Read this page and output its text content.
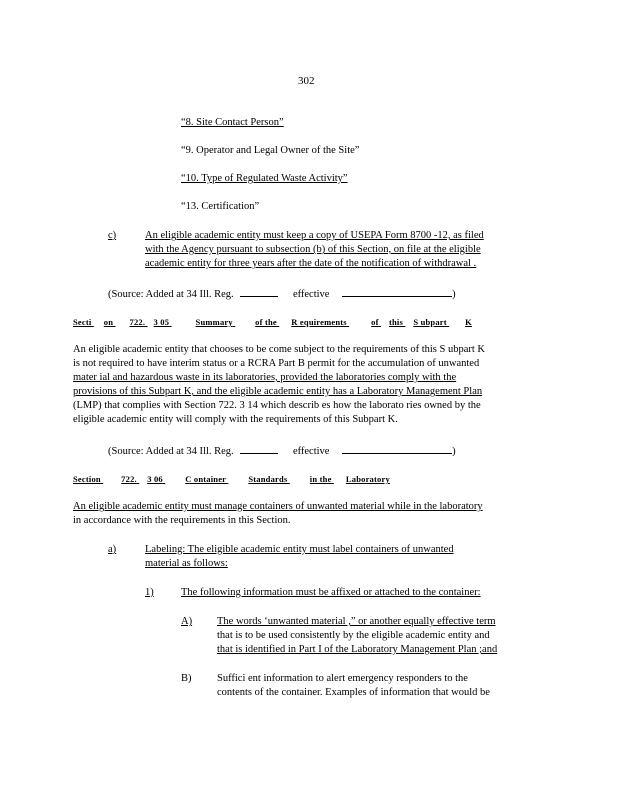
302
“8. Site Contact Person”
“9. Operator and Legal Owner of the Site”
“10. Type of Regulated Waste Activity”
“13. Certification”
c)	An eligible academic entity must keep a copy of USEPA Form 8700 -12, as filed
with the Agency pursuant to subsection (b) of this Section, on file at the eligible
academic entity for three years after the date of the notification of withdrawal .
(Source: Added at 34 Ill. Reg.	effective	)
Secti on 722. 3 05	Summary	of the R equirements	of this S ubpart K
An eligible academic entity that chooses to be come subject to the requirements of this S ubpart K
is not required to have interim status or a RCRA Part B permit for the accumulation of unwanted
mater ial and hazardous waste in its laboratories, provided the laboratories comply with the
provisions of this Subpart K, and the eligible academic entity has a Laboratory Management Plan
(LMP) that complies with Section 722. 3 14 which describ es how the laborato ries owned by the
eligible academic entity will comply with the requirements of this Subpart K.
(Source: Added at 34 Ill. Reg.	effective	)
Section 722. 3 06	C ontainer	Standards	in the Laboratory
An eligible academic entity must manage containers of unwanted material while in the laboratory
in accordance with the requirements in this Section.
a)	Labeling: The eligible academic entity must label containers of unwanted
material as follows:
1)	The following information must be affixed or attached to the container:
A) The words ‘unwanted material ,” or another equally effective term
that is to be used consistently by the eligible academic entity and
that is identified in Part I of the Laboratory Management Plan ;and
B) Suffici ent information to alert emergency responders to the
contents of the container. Examples of information that would be
